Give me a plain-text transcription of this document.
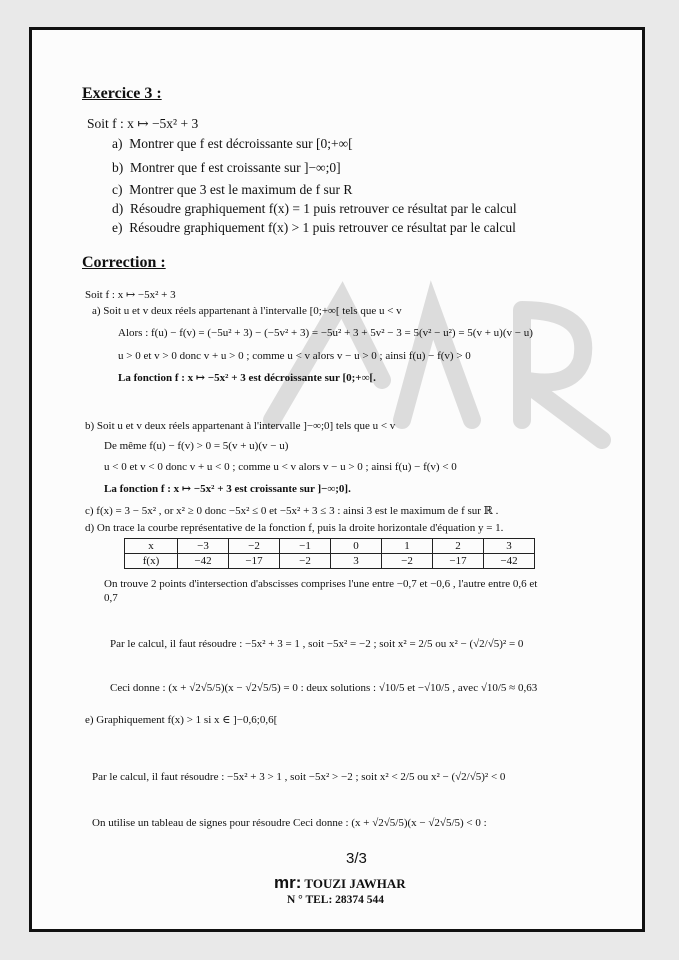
Exercice 3 :
Soit f : x ↦ −5x² + 3
a) Montrer que f est décroissante sur [0;+∞[
b) Montrer que f est croissante sur ]−∞;0]
c) Montrer que 3 est le maximum de f sur R
d) Résoudre graphiquement f(x) = 1 puis retrouver ce résultat par le calcul
e) Résoudre graphiquement f(x) > 1 puis retrouver ce résultat par le calcul
Correction :
Soit f : x ↦ −5x² + 3
a) Soit u et v deux réels appartenant à l'intervalle [0;+∞[ tels que u < v
Alors : f(u) − f(v) = (−5u² + 3) − (−5v² + 3) = −5u² + 3 + 5v² − 3 = 5(v² − u²) = 5(v + u)(v − u)
u > 0 et v > 0 donc v + u > 0 ; comme u < v alors v − u > 0 ; ainsi f(u) − f(v) > 0
La fonction f : x ↦ −5x² + 3 est décroissante sur [0;+∞[.
b) Soit u et v deux réels appartenant à l'intervalle ]−∞;0] tels que u < v
De même f(u) − f(v) > 0 = 5(v + u)(v − u)
u < 0 et v < 0 donc v + u < 0 ; comme u < v alors v − u > 0 ; ainsi f(u) − f(v) < 0
La fonction f : x ↦ −5x² + 3 est croissante sur ]−∞;0].
c) f(x) = 3 − 5x² , or x² ≥ 0 donc −5x² ≤ 0 et −5x² + 3 ≤ 3 : ainsi 3 est le maximum de f sur ℝ .
d) On trace la courbe représentative de la fonction f, puis la droite horizontale d'équation y = 1.
x	−3	−2	−1	0	1	2	3
f(x)	−42	−17	−2	3	−2	−17	−42
On trouve 2 points d'intersection d'abscisses comprises l'une entre −0,7 et −0,6 , l'autre entre 0,6 et
0,7
Par le calcul, il faut résoudre : −5x² + 3 = 1 , soit −5x² = −2 ; soit x² = 2/5 ou x² − (√2/√5)² = 0
Ceci donne : (x + √2√5/5)(x − √2√5/5) = 0 : deux solutions : √10/5 et −√10/5 , avec √10/5 ≈ 0,63
e) Graphiquement f(x) > 1 si x ∈ ]−0,6;0,6[
Par le calcul, il faut résoudre : −5x² + 3 > 1 , soit −5x² > −2 ; soit x² < 2/5 ou x² − (√2/√5)² < 0
On utilise un tableau de signes pour résoudre Ceci donne : (x + √2√5/5)(x − √2√5/5) < 0 :
3/3
mr: TOUZI JAWHAR
N ° TEL: 28374 544
